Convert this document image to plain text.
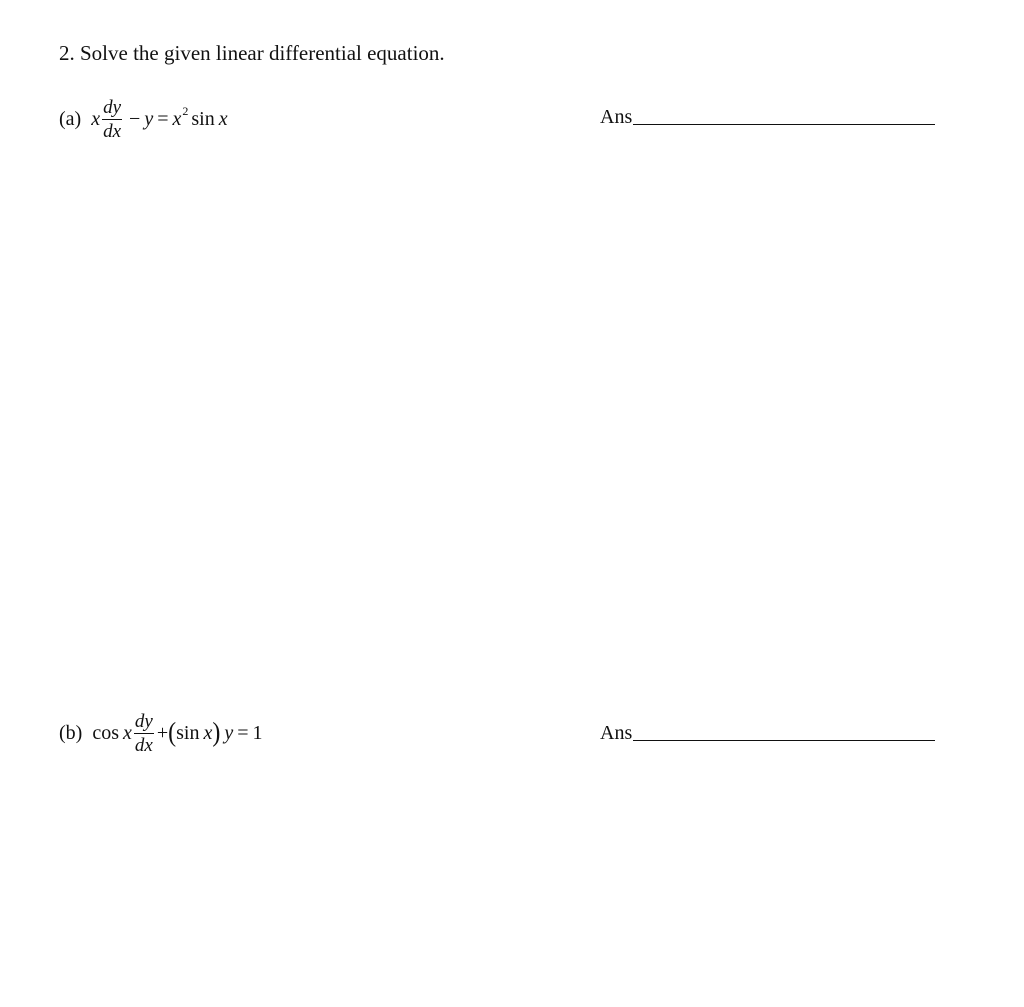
2. Solve the given linear differential equation.
(a) x $\frac{dy}{dx} - y = x$ 2 sin x	Ans
(b) cos x $\frac{dy}{dx}$ + ( sin x ) y = 1	Ans
